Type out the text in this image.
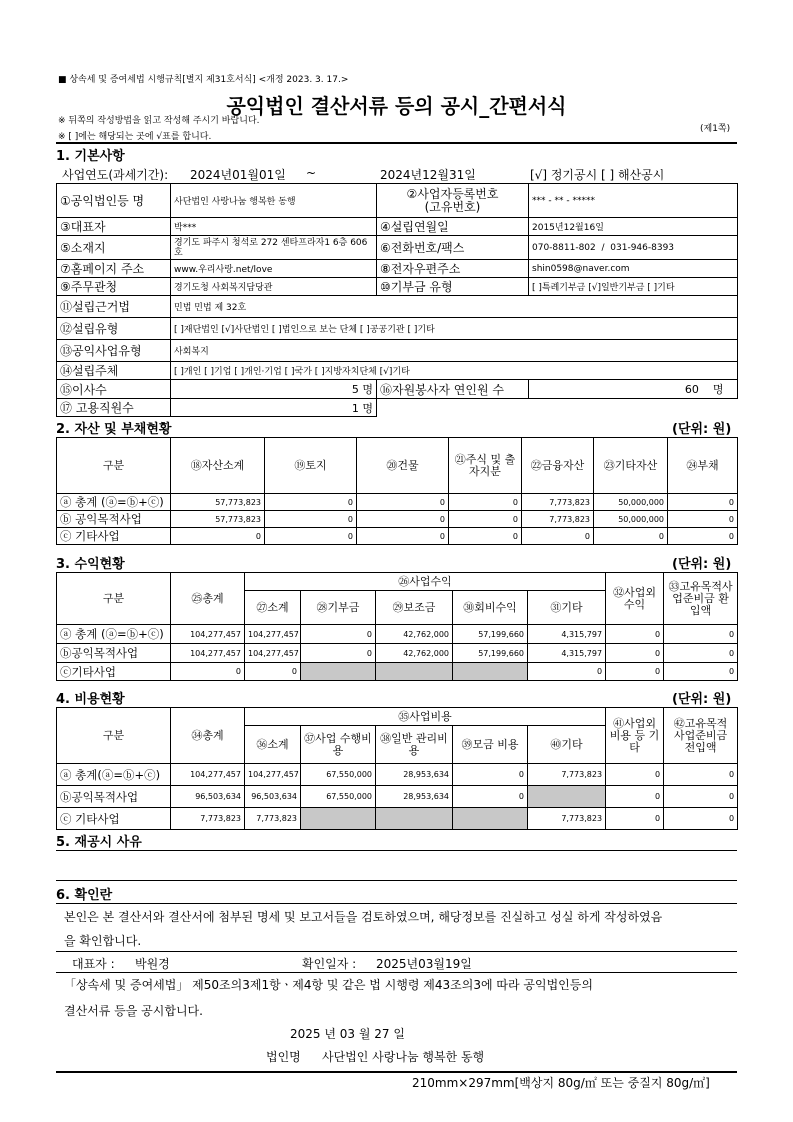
■ 상속세 및 증여세법 시행규칙[별지 제31호서식] <개정 2023. 3. 17.>
공익법인 결산서류 등의 공시_간편서식
※ 뒤쪽의 작성방법을 읽고 작성해 주시기 바랍니다.
※ [ ]에는 해당되는 곳에 √표를 합니다.
(제1쪽)
1. 기본사항
사업연도(과세기간): 2024년01월01일 ~	2024년12월31일	[√] 정기공시 [ ] 해산공시
①공익법인등 명	사단법인 사랑나눔 행복한 동행	②사업자등록번호
(고유번호)	*** - ** - *****
③대표자	박***	④설립연월일	2015년12월16일
⑤소재지	경기도 파주시 청석로 272 센타프라자1 6층 606호	⑥전화번호/팩스	070-8811-802 / 031-946-8393
⑦홈페이지 주소	www.우리사랑.net/love	⑧전자우편주소	shin0598@naver.com
⑨주무관청	경기도청 사회복지담당관	⑩기부금 유형	[ ]특례기부금 [√]일반기부금 [ ]기타
⑪설립근거법	민법 민법 제 32호		
⑫설립유형	[ ]재단법인 [√]사단법인 [ ]법인으로 보는 단체 [ ]공공기관 [ ]기타		
⑬공익사업유형	사회복지		
⑭설립주체	[ ]개인 [ ]기업 [ ]개인·기업 [ ]국가 [ ]지방자치단체 [√]기타		
⑮이사수	5 명	⑯자원봉사자 연인원 수	60 명
⑰ 고용직원수	1 명		
2. 자산 및 부채현황	(단위: 원)
구분	⑱자산소계	⑲토지	⑳건물	㉑주식 및 출자지분	㉒금융자산	㉓기타자산	㉔부채
ⓐ 총계 (ⓐ=ⓑ+ⓒ)	57,773,823	0	0	0	7,773,823	50,000,000	0
ⓑ 공익목적사업	57,773,823	0	0	0	7,773,823	50,000,000	0
ⓒ 기타사업	0	0	0	0	0	0	0
3. 수익현황	(단위: 원)
구분	㉕총계	㉖사업수익					㉜사업외수익	㉝고유목적사업준비금 환입액
		㉗소계	㉘기부금	㉙보조금	㉚회비수익	㉛기타		
ⓐ 총계 (ⓐ=ⓑ+ⓒ)	104,277,457	104,277,457	0	42,762,000	57,199,660	4,315,797	0	0
ⓑ공익목적사업	104,277,457	104,277,457	0	42,762,000	57,199,660	4,315,797	0	0
ⓒ기타사업	0	0				0	0	0
4. 비용현황	(단위: 원)
구분	㉞총계	㉟사업비용					㊶사업외 비용 등 기타	㊷고유목적 사업준비금 전입액
		㊱소계	㊲사업 수행비용	㊳일반 관리비용	㊴모금 비용	㊵기타		
ⓐ 총계(ⓐ=ⓑ+ⓒ)	104,277,457	104,277,457	67,550,000	28,953,634	0	7,773,823	0	0
ⓑ공익목적사업	96,503,634	96,503,634	67,550,000	28,953,634	0		0	0
ⓒ 기타사업	7,773,823	7,773,823				7,773,823	0	0
5. 재공시 사유
6. 확인란
본인은 본 결산서와 결산서에 첨부된 명세 및 보고서들을 검토하였으며, 해당정보를 진실하고 성실 하게 작성하였음
을 확인합니다.
대표자 : 박원경	확인일자 : 2025년03월19일
「상속세 및 증여세법」 제50조의3제1항ㆍ제4항 및 같은 법 시행령 제43조의3에 따라 공익법인등의
결산서류 등을 공시합니다.
2025 년 03 월 27 일
법인명 사단법인 사랑나눔 행복한 동행
210mm×297mm[백상지 80g/㎡ 또는 중질지 80g/㎡]
